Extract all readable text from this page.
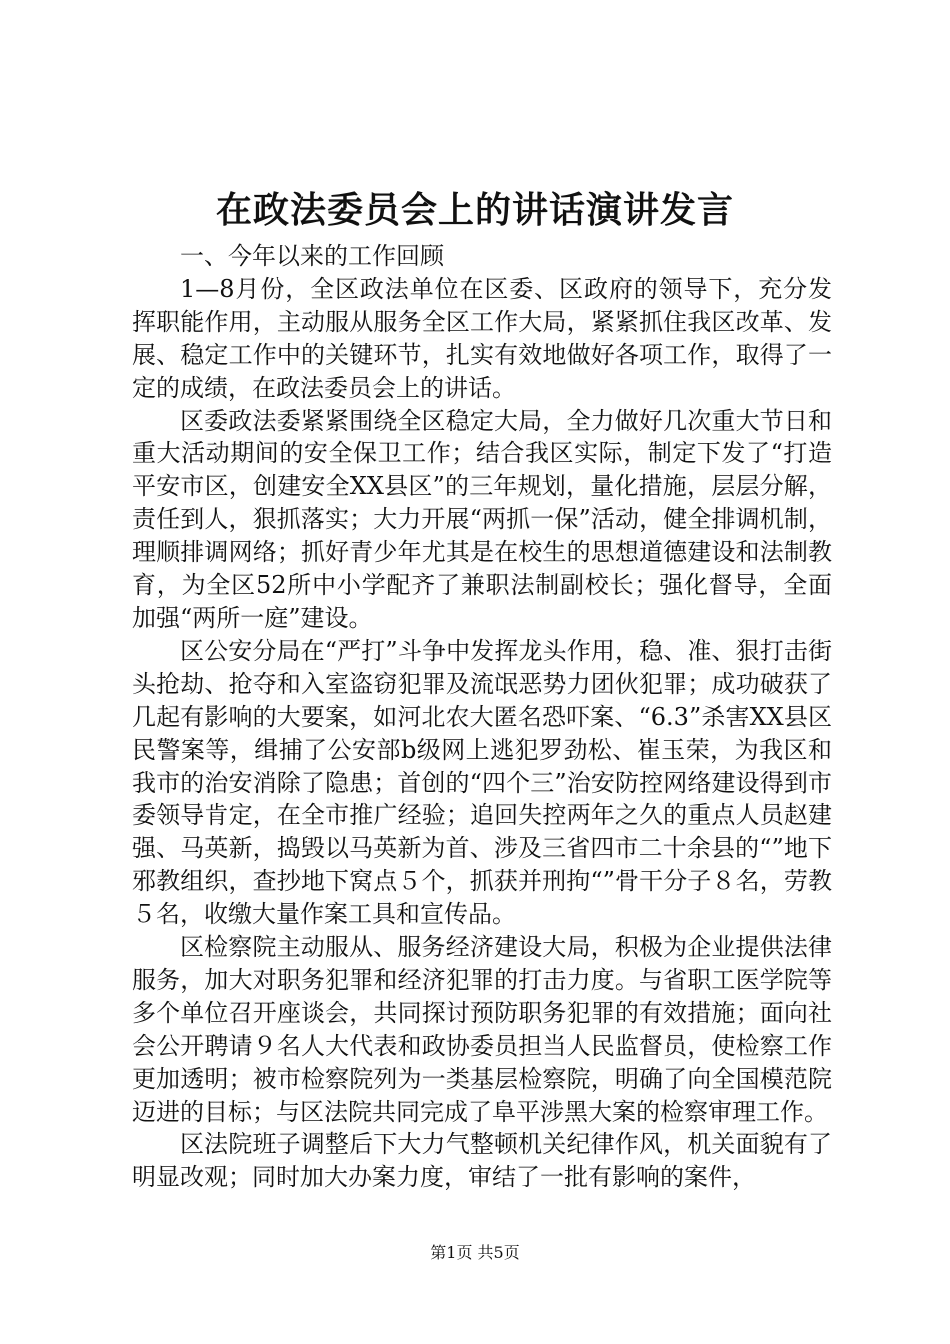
在政法委员会上的讲话演讲发言

一、今年以来的工作回顾

1—8月份，全区政法单位在区委、区政府的领导下，充分发挥职能作用，主动服从服务全区工作大局，紧紧抓住我区改革、发展、稳定工作中的关键环节，扎实有效地做好各项工作，取得了一定的成绩，在政法委员会上的讲话。

区委政法委紧紧围绕全区稳定大局，全力做好几次重大节日和重大活动期间的安全保卫工作；结合我区实际，制定下发了“打造平安市区，创建安全XX县区”的三年规划，量化措施，层层分解，责任到人，狠抓落实；大力开展“两抓一保”活动，健全排调机制，理顺排调网络；抓好青少年尤其是在校生的思想道德建设和法制教育，为全区52所中小学配齐了兼职法制副校长；强化督导，全面加强“两所一庭”建设。

区公安分局在“严打”斗争中发挥龙头作用，稳、准、狠打击街头抢劫、抢夺和入室盗窃犯罪及流氓恶势力团伙犯罪；成功破获了几起有影响的大要案，如河北农大匿名恐吓案、“6.3”杀害XX县区民警案等，缉捕了公安部b级网上逃犯罗劲松、崔玉荣，为我区和我市的治安消除了隐患；首创的“四个三”治安防控网络建设得到市委领导肯定，在全市推广经验；追回失控两年之久的重点人员赵建强、马英新，捣毁以马英新为首、涉及三省四市二十余县的“”地下邪教组织，查抄地下窝点５个，抓获并刑拘“”骨干分子８名，劳教５名，收缴大量作案工具和宣传品。

区检察院主动服从、服务经济建设大局，积极为企业提供法律服务，加大对职务犯罪和经济犯罪的打击力度。与省职工医学院等多个单位召开座谈会，共同探讨预防职务犯罪的有效措施；面向社会公开聘请９名人大代表和政协委员担当人民监督员，使检察工作更加透明；被市检察院列为一类基层检察院，明确了向全国模范院迈进的目标；与区法院共同完成了阜平涉黑大案的检察审理工作。

区法院班子调整后下大力气整顿机关纪律作风，机关面貌有了明显改观；同时加大办案力度，审结了一批有影响的案件，

第1页 共5页
